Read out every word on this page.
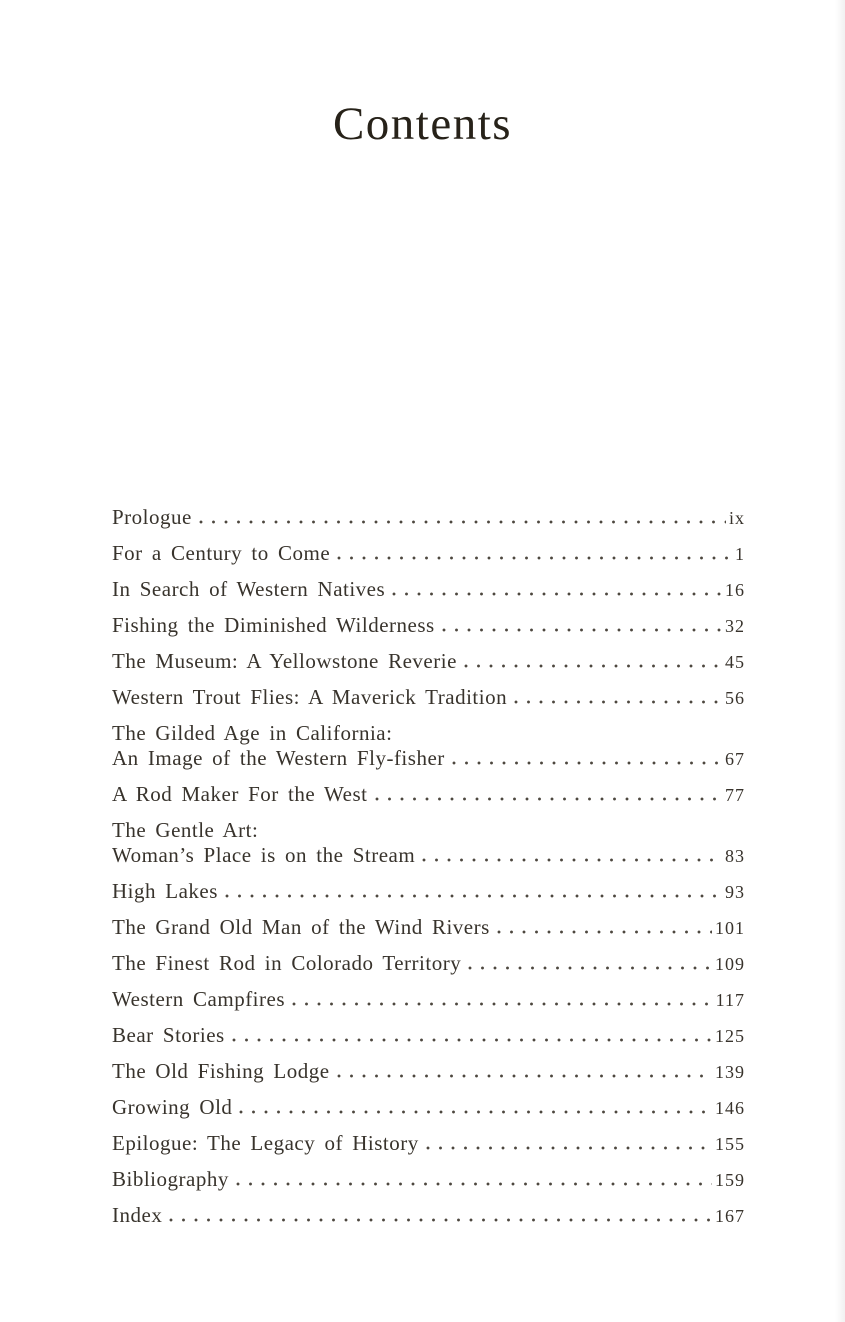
Contents
Prologue	ix
For a Century to Come	1
In Search of Western Natives	16
Fishing the Diminished Wilderness	32
The Museum: A Yellowstone Reverie	45
Western Trout Flies: A Maverick Tradition	56
The Gilded Age in California:
An Image of the Western Fly-fisher	67
A Rod Maker For the West	77
The Gentle Art:
Woman’s Place is on the Stream	83
High Lakes	93
The Grand Old Man of the Wind Rivers	101
The Finest Rod in Colorado Territory	109
Western Campfires	117
Bear Stories	125
The Old Fishing Lodge	139
Growing Old	146
Epilogue: The Legacy of History	155
Bibliography	159
Index	167
